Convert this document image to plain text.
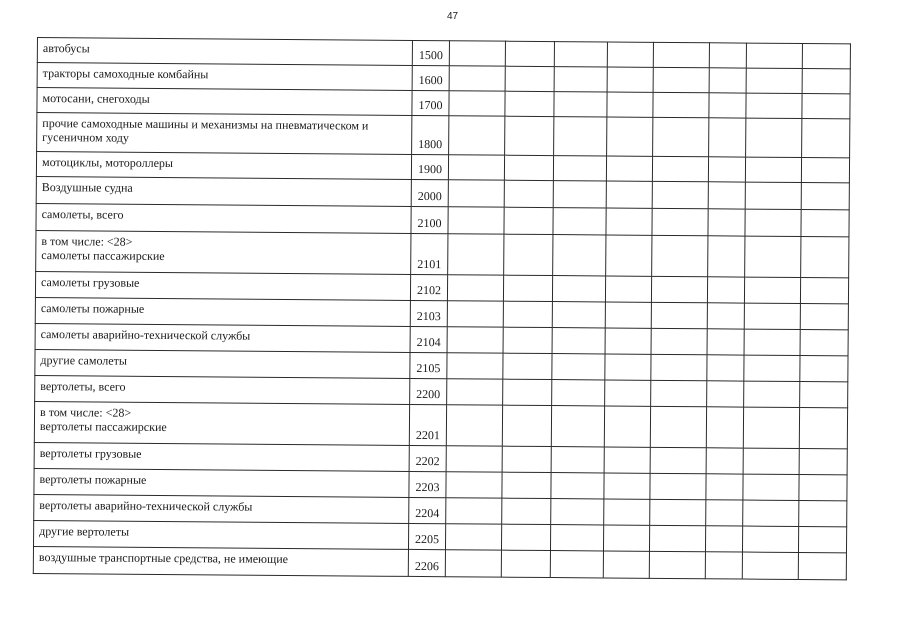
47
автобусы	1500								
тракторы самоходные комбайны	1600								
мотосани, снегоходы	1700								
прочие самоходные машины и механизмы на пневматическом и гусеничном ходу	1800								
мотоциклы, мотороллеры	1900								
Воздушные судна	2000								
самолеты, всего	2100								
в том числе: <28>
самолеты пассажирские	2101								
самолеты грузовые	2102								
самолеты пожарные	2103								
самолеты аварийно-технической службы	2104								
другие самолеты	2105								
вертолеты, всего	2200								
в том числе: <28>
вертолеты пассажирские	2201								
вертолеты грузовые	2202								
вертолеты пожарные	2203								
вертолеты аварийно-технической службы	2204								
другие вертолеты	2205								
воздушные транспортные средства, не имеющие	2206								
